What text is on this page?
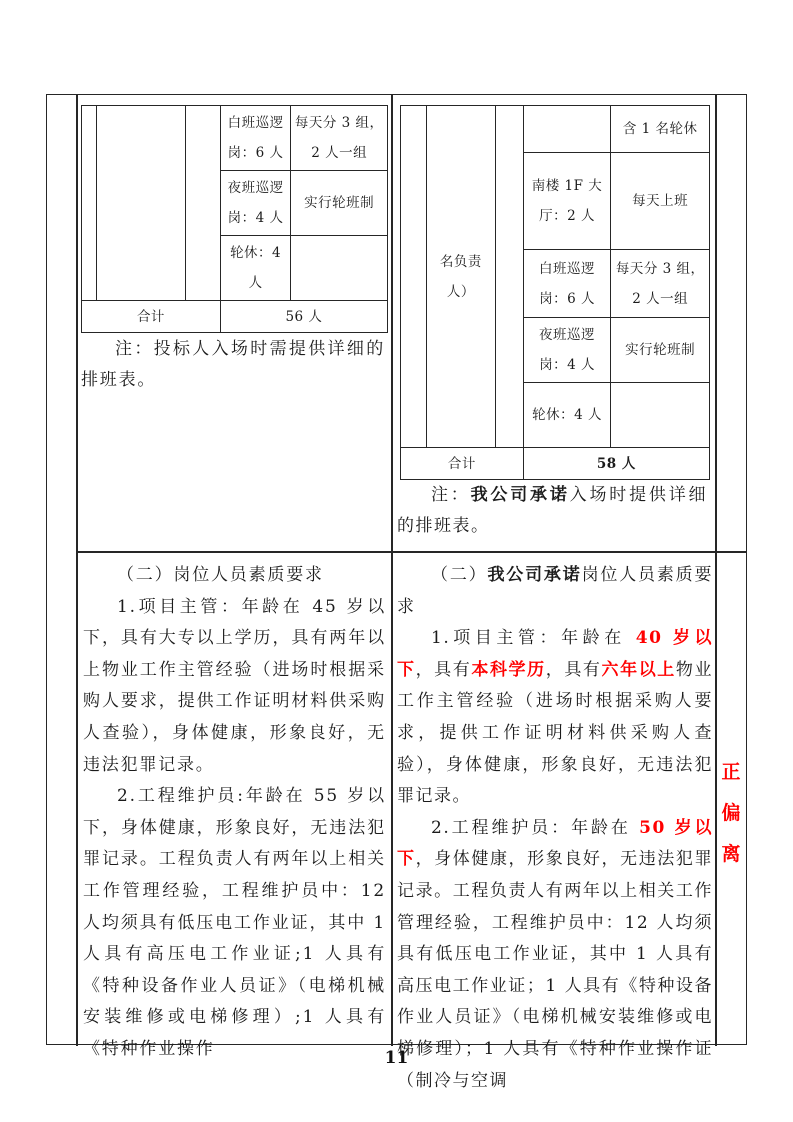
			白班巡逻岗：6 人	每天分 3 组，2 人一组
			夜班巡逻岗：4 人	实行轮班制
			轮休：4 人	
合计			56 人	
	名负责人）			含 1 名轮休
			南楼 1F 大厅：2 人	每天上班
			白班巡逻岗：6 人	每天分 3 组，2 人一组
			夜班巡逻岗：4 人	实行轮班制
			轮休：4 人	
合计			58 人	
注：投标人入场时需提供详细的排班表。
注：我公司承诺入场时提供详细的排班表。

（二）岗位人员素质要求

1.项目主管：年龄在 45 岁以下，具有大专以上学历，具有两年以上物业工作主管经验（进场时根据采购人要求，提供工作证明材料供采购人查验），身体健康，形象良好，无违法犯罪记录。

2.工程维护员:年龄在 55 岁以下，身体健康，形象良好，无违法犯罪记录。工程负责人有两年以上相关工作管理经验，工程维护员中：12 人均须具有低压电工作业证，其中 1 人具有高压电工作业证;1 人具有《特种设备作业人员证》（电梯机械安装维修或电梯修理）;1 人具有《特种作业操作

（二）我公司承诺岗位人员素质要求

1.项目主管：年龄在 40 岁以下，具有本科学历，具有六年以上物业工作主管经验（进场时根据采购人要求，提供工作证明材料供采购人查验），身体健康，形象良好，无违法犯罪记录。

2.工程维护员：年龄在 50 岁以下，身体健康，形象良好，无违法犯罪记录。工程负责人有两年以上相关工作管理经验，工程维护员中：12 人均须具有低压电工作业证，其中 1 人具有高压电工作业证；1 人具有《特种设备作业人员证》（电梯机械安装维修或电梯修理）；1 人具有《特种作业操作证（制冷与空调

正偏离
11
